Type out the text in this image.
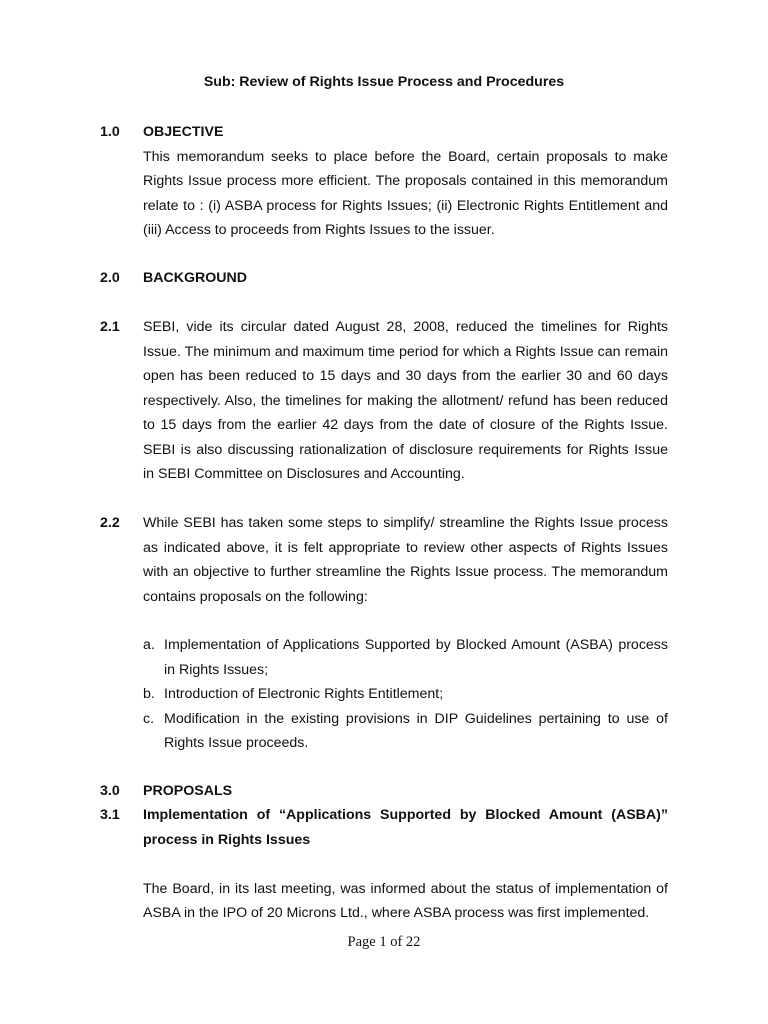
Sub: Review of Rights Issue Process and Procedures
1.0	OBJECTIVE

This memorandum seeks to place before the Board, certain proposals to make Rights Issue process more efficient. The proposals contained in this memorandum relate to : (i) ASBA process for Rights Issues; (ii) Electronic Rights Entitlement and (iii) Access to proceeds from Rights Issues to the issuer.

2.0	BACKGROUND

2.1	SEBI, vide its circular dated August 28, 2008, reduced the timelines for Rights Issue. The minimum and maximum time period for which a Rights Issue can remain open has been reduced to 15 days and 30 days from the earlier 30 and 60 days respectively. Also, the timelines for making the allotment/ refund has been reduced to 15 days from the earlier 42 days from the date of closure of the Rights Issue. SEBI is also discussing rationalization of disclosure requirements for Rights Issue in SEBI Committee on Disclosures and Accounting.

2.2	While SEBI has taken some steps to simplify/ streamline the Rights Issue process as indicated above, it is felt appropriate to review other aspects of Rights Issues with an objective to further streamline the Rights Issue process. The memorandum contains proposals on the following:

a. Implementation of Applications Supported by Blocked Amount (ASBA) process in Rights Issues;
b. Introduction of Electronic Rights Entitlement;
c. Modification in the existing provisions in DIP Guidelines pertaining to use of Rights Issue proceeds.
3.0	PROPOSALS

3.1	Implementation of “Applications Supported by Blocked Amount (ASBA)” process in Rights Issues

The Board, in its last meeting, was informed about the status of implementation of ASBA in the IPO of 20 Microns Ltd., where ASBA process was first implemented.

Page 1 of 22
